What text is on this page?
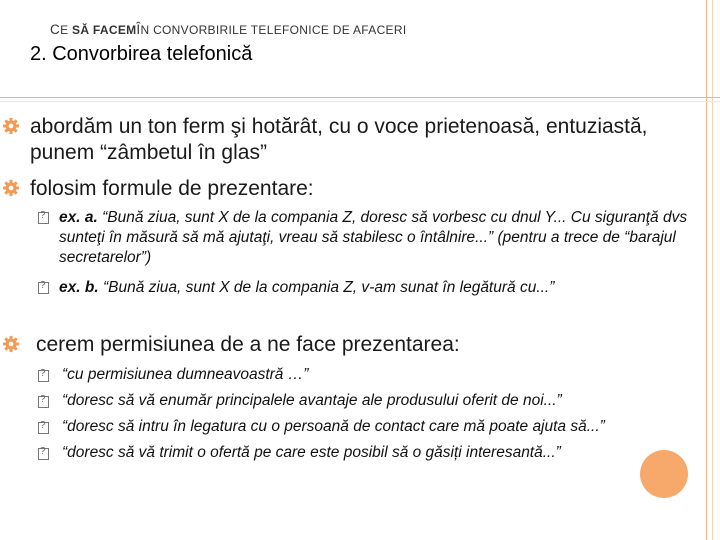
CE SĂ FACEMÎN CONVORBIRILE TELEFONICE DE AFACERI
2. Convorbirea telefonică
abordăm un ton ferm şi hotărât, cu o voce prietenoasă, entuziastă, punem “zâmbetul în glas”
folosim formule de prezentare:
?
ex. a. “Bună ziua, sunt X de la compania Z, doresc să vorbesc cu dnul Y... Cu siguranţă dvs sunteţi în măsură să mă ajutaţi, vreau să stabilesc o întâlnire...” (pentru a trece de “barajul secretarelor”)
?
ex. b. “Bună ziua, sunt X de la compania Z, v-am sunat în legătură cu...”
cerem permisiunea de a ne face prezentarea:
?
“cu permisiunea dumneavoastră …”
?
“doresc să vă enumăr principalele avantaje ale produsului oferit de noi...”
?
“doresc să intru în legatura cu o persoană de contact care mă poate ajuta să...”
?
“doresc să vă trimit o ofertă pe care este posibil să o găsiți interesantă...”
